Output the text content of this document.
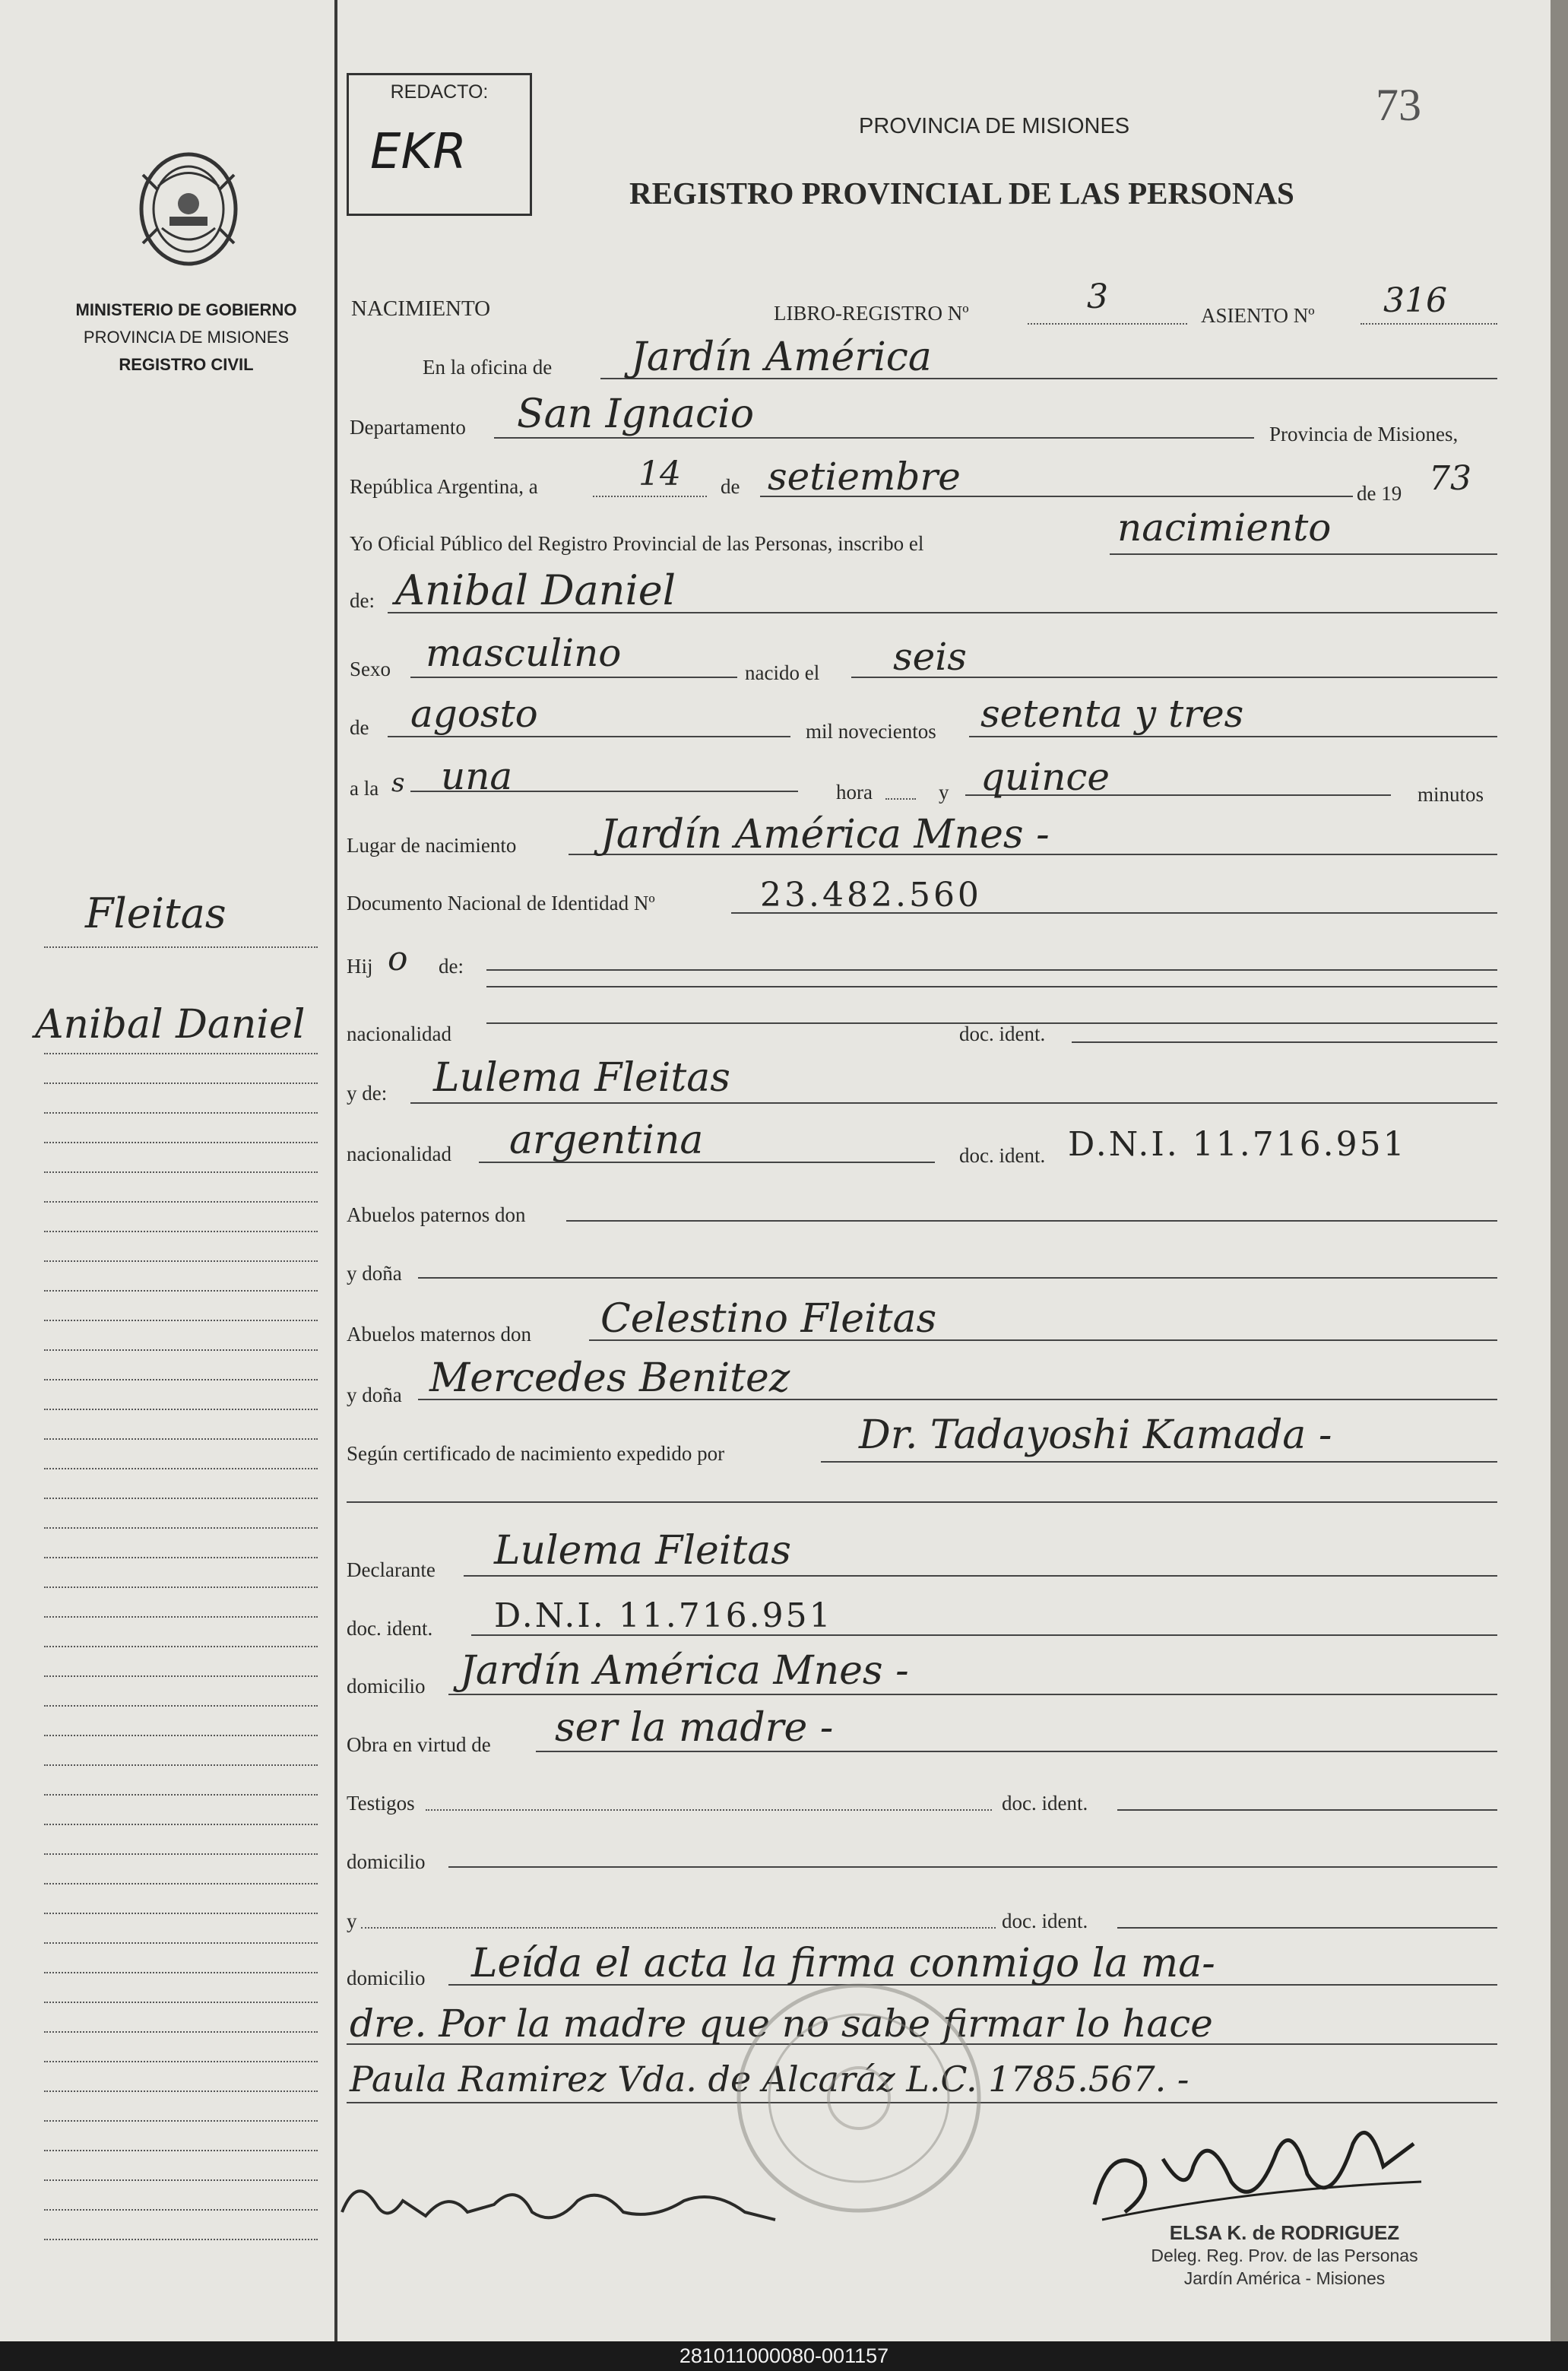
MINISTERIO DE GOBIERNO
PROVINCIA DE MISIONES
REGISTRO CIVIL
REDACTO:
EKR	PROVINCIA DE MISIONES
REGISTRO PROVINCIAL DE LAS PERSONAS
73
NACIMIENTO	LIBRO-REGISTRO Nº	3	ASIENTO Nº 316
En la oficina de Jardín América
Departamento San Ignacio	Provincia de Misiones,
República Argentina, a	14 de setiembre	de 19 73
Yo Oficial Público del Registro Provincial de las Personas, inscribo el	nacimiento
de: Anibal Daniel
Sexo masculino	nacido el seis
de agosto	mil novecientos setenta y tres
a la s una	hora	y quince	minutos
Lugar de nacimiento Jardín América Mnes -
Documento Nacional de Identidad Nº	23.482.560
Hij o de:
nacionalidad	doc. ident.
y de: Lulema Fleitas
nacionalidad argentina	doc. ident. D.N.I. 11.716.951
Abuelos paternos don
y doña
Abuelos maternos don Celestino Fleitas
y doña Mercedes Benitez
Según certificado de nacimiento expedido por	Dr. Tadayoshi Kamada -
Declarante Lulema Fleitas
doc. ident. D.N.I. 11.716.951
domicilio Jardín América Mnes -
Obra en virtud de ser la madre -
Testigos	doc. ident.
domicilio
y	doc. ident.
domicilio Leída el acta la firma conmigo la ma-
dre. Por la madre que no sabe firmar lo hace
Paula Ramirez Vda. de Alcaráz L.C. 1785.567. -
ELSA K. de RODRIGUEZ
Deleg. Reg. Prov. de las Personas
Jardín América - Misiones
Fleitas
Anibal Daniel
281011000080-001157
